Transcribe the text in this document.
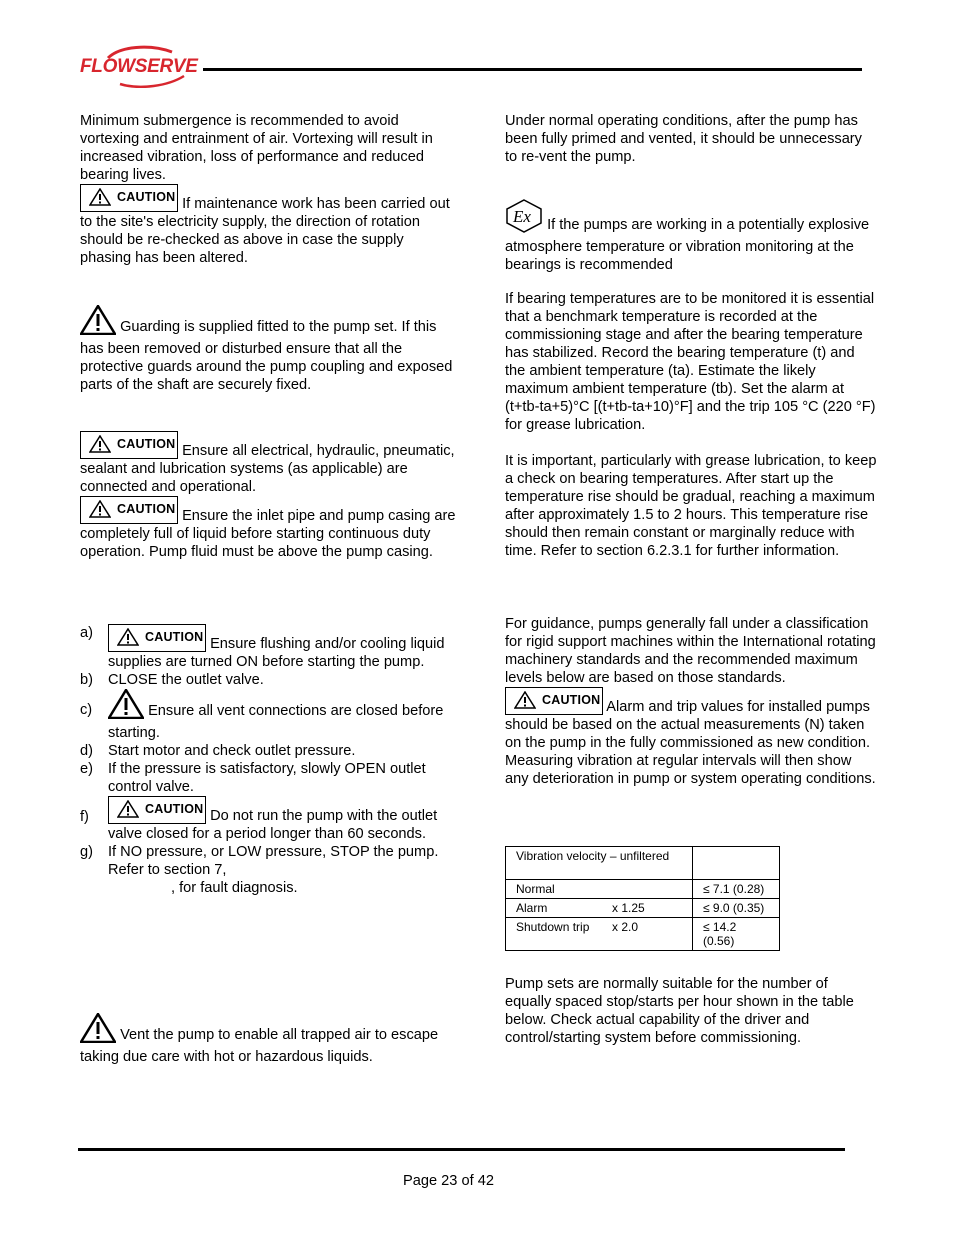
FLOWSERVE

Minimum submergence is recommended to avoid vortexing and entrainment of air. Vortexing will result in increased vibration, loss of performance and reduced bearing lives.

CAUTION If maintenance work has been carried out to the site's electricity supply, the direction of rotation should be re-checked as above in case the supply phasing has been altered.

Guarding is supplied fitted to the pump set. If this has been removed or disturbed ensure that all the protective guards around the pump coupling and exposed parts of the shaft are securely fixed.

CAUTION Ensure all electrical, hydraulic, pneumatic, sealant and lubrication systems (as applicable) are connected and operational.

CAUTION Ensure the inlet pipe and pump casing are completely full of liquid before starting continuous duty operation. Pump fluid must be above the pump casing.

a)	CAUTION Ensure flushing and/or cooling liquid supplies are turned ON before starting the pump.
b) CLOSE the outlet valve.
c)	Ensure all vent connections are closed before starting.
d) Start motor and check outlet pressure.
e) If the pressure is satisfactory, slowly OPEN outlet control valve.
f)	CAUTION Do not run the pump with the outlet valve closed for a period longer than 60 seconds.
g) If NO pressure, or LOW pressure, STOP the pump. Refer to section 7,
, for fault diagnosis.

Vent the pump to enable all trapped air to escape taking due care with hot or hazardous liquids.

Under normal operating conditions, after the pump has been fully primed and vented, it should be unnecessary to re-vent the pump.

Ex If the pumps are working in a potentially explosive atmosphere temperature or vibration monitoring at the bearings is recommended

If bearing temperatures are to be monitored it is essential that a benchmark temperature is recorded at the commissioning stage and after the bearing temperature has stabilized. Record the bearing temperature (t) and the ambient temperature (ta). Estimate the likely maximum ambient temperature (tb). Set the alarm at (t+tb-ta+5)°C [(t+tb-ta+10)°F] and the trip 105 °C (220 °F) for grease lubrication.

It is important, particularly with grease lubrication, to keep a check on bearing temperatures. After start up the temperature rise should be gradual, reaching a maximum after approximately 1.5 to 2 hours. This temperature rise should then remain constant or marginally reduce with time. Refer to section 6.2.3.1 for further information.

For guidance, pumps generally fall under a classification for rigid support machines within the International rotating machinery standards and the recommended maximum levels below are based on those standards.

CAUTION Alarm and trip values for installed pumps should be based on the actual measurements (N) taken on the pump in the fully commissioned as new condition. Measuring vibration at regular intervals will then show any deterioration in pump or system operating conditions.

Vibration velocity – unfiltered	
Normal	≤ 7.1 (0.28)
Alarm x 1.25	≤ 9.0 (0.35)
Shutdown trip x 2.0	≤ 14.2 (0.56)

Pump sets are normally suitable for the number of equally spaced stop/starts per hour shown in the table below. Check actual capability of the driver and control/starting system before commissioning.

Page 23 of 42
